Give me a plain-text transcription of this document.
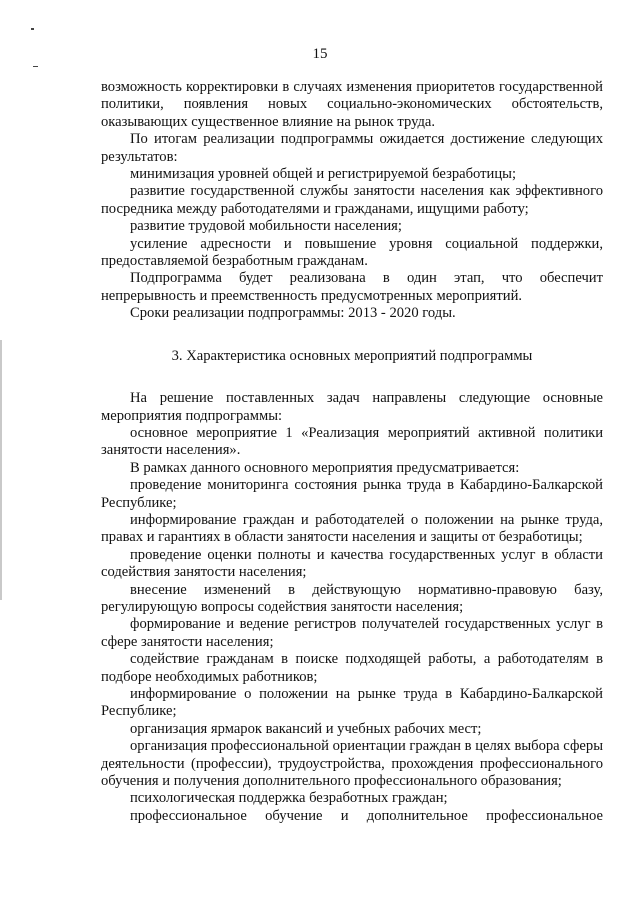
15

возможность корректировки в случаях изменения приоритетов государственной политики, появления новых социально-экономических обстоятельств, оказывающих существенное влияние на рынок труда.

По итогам реализации подпрограммы ожидается достижение следующих результатов:

минимизация уровней общей и регистрируемой безработицы;

развитие государственной службы занятости населения как эффективного посредника между работодателями и гражданами, ищущими работу;

развитие трудовой мобильности населения;

усиление адресности и повышение уровня социальной поддержки, предоставляемой безработным гражданам.

Подпрограмма будет реализована в один этап, что обеспечит непрерывность и преемственность предусмотренных мероприятий.

Сроки реализации подпрограммы: 2013 - 2020 годы.

3. Характеристика основных мероприятий подпрограммы

На решение поставленных задач направлены следующие основные мероприятия подпрограммы:

основное мероприятие 1 «Реализация мероприятий активной политики занятости населения».

В рамках данного основного мероприятия предусматривается:

проведение мониторинга состояния рынка труда в Кабардино-Балкарской Республике;

информирование граждан и работодателей о положении на рынке труда, правах и гарантиях в области занятости населения и защиты от безработицы;

проведение оценки полноты и качества государственных услуг в области содействия занятости населения;

внесение изменений в действующую нормативно-правовую базу, регулирующую вопросы содействия занятости населения;

формирование и ведение регистров получателей государственных услуг в сфере занятости населения;

содействие гражданам в поиске подходящей работы, а работодателям в подборе необходимых работников;

информирование о положении на рынке труда в Кабардино-Балкарской Республике;

организация ярмарок вакансий и учебных рабочих мест;

организация профессиональной ориентации граждан в целях выбора сферы деятельности (профессии), трудоустройства, прохождения профессионального обучения и получения дополнительного профессионального образования;

психологическая поддержка безработных граждан;

профессиональное обучение и дополнительное профессиональное
